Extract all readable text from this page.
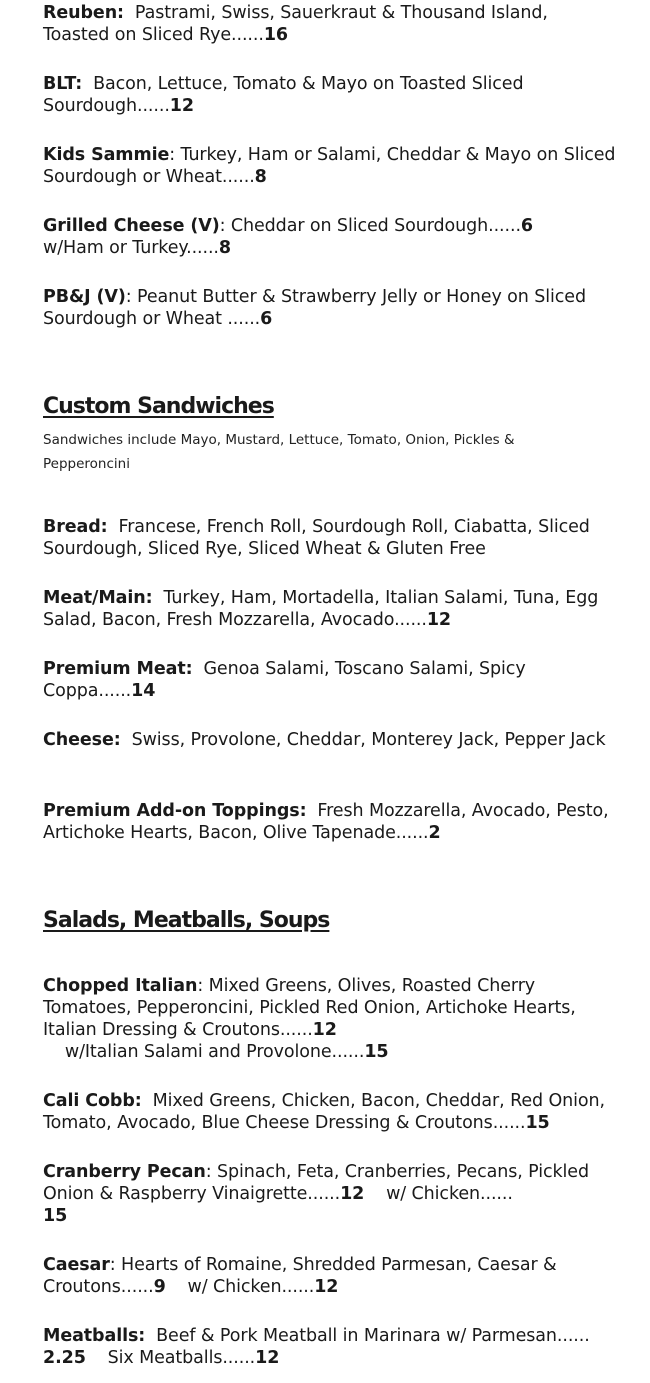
Reuben: Pastrami, Swiss, Sauerkraut & Thousand Island, Toasted on Sliced Rye......16
BLT: Bacon, Lettuce, Tomato & Mayo on Toasted Sliced Sourdough......12
Kids Sammie: Turkey, Ham or Salami, Cheddar & Mayo on Sliced Sourdough or Wheat......8
Grilled Cheese (V): Cheddar on Sliced Sourdough......6
w/Ham or Turkey......8
PB&J (V): Peanut Butter & Strawberry Jelly or Honey on Sliced Sourdough or Wheat ......6
Custom Sandwiches
Sandwiches include Mayo, Mustard, Lettuce, Tomato, Onion, Pickles & Pepperoncini
Bread: Francese, French Roll, Sourdough Roll, Ciabatta, Sliced Sourdough, Sliced Rye, Sliced Wheat & Gluten Free
Meat/Main: Turkey, Ham, Mortadella, Italian Salami, Tuna, Egg Salad, Bacon, Fresh Mozzarella, Avocado......12
Premium Meat: Genoa Salami, Toscano Salami, Spicy Coppa......14
Cheese: Swiss, Provolone, Cheddar, Monterey Jack, Pepper Jack
Premium Add-on Toppings: Fresh Mozzarella, Avocado, Pesto, Artichoke Hearts, Bacon, Olive Tapenade......2
Salads, Meatballs, Soups
Chopped Italian: Mixed Greens, Olives, Roasted Cherry Tomatoes, Pepperoncini, Pickled Red Onion, Artichoke Hearts, Italian Dressing & Croutons......12    w/Italian Salami and Provolone......15
Cali Cobb: Mixed Greens, Chicken, Bacon, Cheddar, Red Onion, Tomato, Avocado, Blue Cheese Dressing & Croutons......15
Cranberry Pecan: Spinach, Feta, Cranberries, Pecans, Pickled Onion & Raspberry Vinaigrette......12    w/ Chicken......
15
Caesar: Hearts of Romaine, Shredded Parmesan, Caesar & Croutons......9    w/ Chicken......12
Meatballs: Beef & Pork Meatball in Marinara w/ Parmesan......
2.25    Six Meatballs......12
